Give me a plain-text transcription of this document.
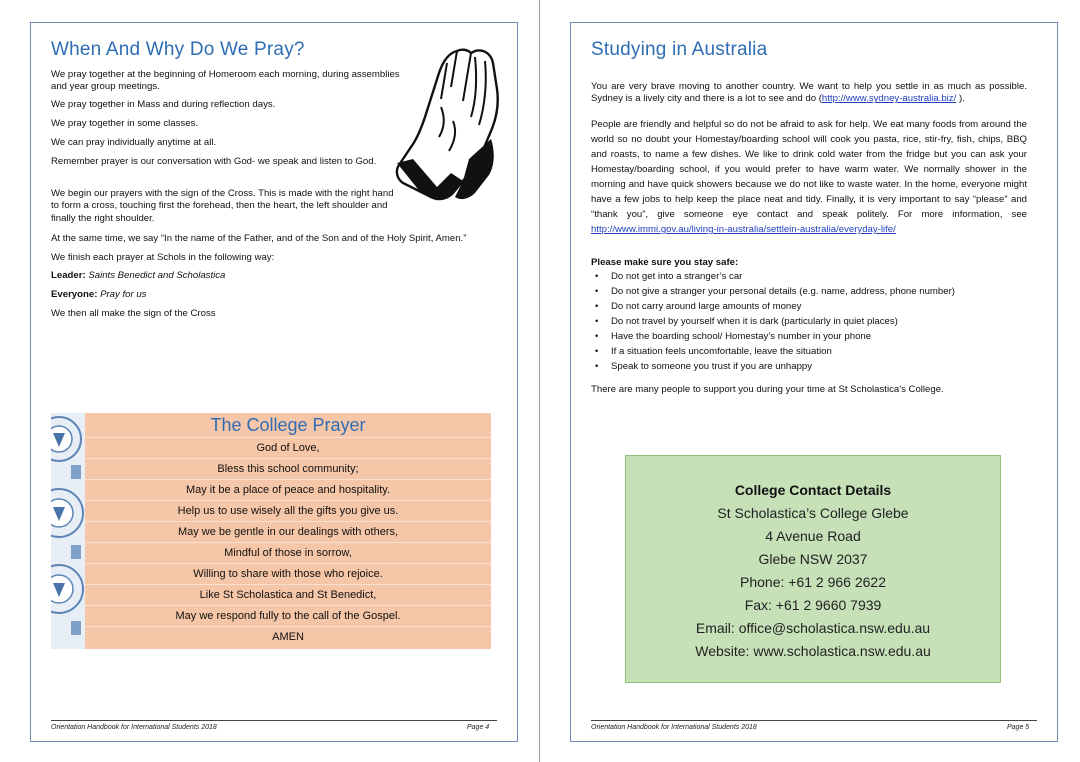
When And Why Do We Pray?

We pray together at the beginning of Homeroom each morning, during assemblies and year group meetings.

We pray together in Mass and during reflection days.

We pray together in some classes.

We can pray individually anytime at all.

Remember prayer is our conversation with God- we speak and listen to God.

We begin our prayers with the sign of the Cross. This is made with the right hand to form a cross, touching first the forehead, then the heart, the left shoulder and finally the right shoulder.

At the same time, we say “In the name of the Father, and of the Son and of the Holy Spirit, Amen.”

We finish each prayer at Schols in the following way:

Leader: Saints Benedict and Scholastica

Everyone: Pray for us

We then all make the sign of the Cross

The College Prayer
God of Love,
Bless this school community;
May it be a place of peace and hospitality.
Help us to use wisely all the gifts you give us.
May we be gentle in our dealings with others,
Mindful of those in sorrow,
Willing to share with those who rejoice.
Like St Scholastica and St Benedict,
May we respond fully to the call of the Gospel.
AMEN
Orientation Handbook for International Students 2018	Page 4
Studying in Australia

You are very brave moving to another country. We want to help you settle in as much as possible. Sydney is a lively city and there is a lot to see and do (http://www.sydney-australia.biz/ ).

People are friendly and helpful so do not be afraid to ask for help. We eat many foods from around the world so no doubt your Homestay/boarding school will cook you pasta, rice, stir-fry, fish, chips, BBQ and roasts, to name a few dishes. We like to drink cold water from the fridge but you can ask your Homestay/boarding school, if you would prefer to have warm water. We normally shower in the morning and have quick showers because we do not like to waste water. In the home, everyone might have a few jobs to help keep the place neat and tidy. Finally, it is very important to say “please” and “thank you”, give someone eye contact and speak politely. For more information, see http://www.immi.gov.au/living-in-australia/settlein-australia/everyday-life/

Please make sure you stay safe:

• Do not get into a stranger’s car
• Do not give a stranger your personal details (e.g. name, address, phone number)
• Do not carry around large amounts of money
• Do not travel by yourself when it is dark (particularly in quiet places)
• Have the boarding school/ Homestay’s number in your phone
• If a situation feels uncomfortable, leave the situation
• Speak to someone you trust if you are unhappy

There are many people to support you during your time at St Scholastica's College.

College Contact Details
St Scholastica’s College Glebe
4 Avenue Road
Glebe NSW 2037
Phone: +61 2 966 2622
Fax: +61 2 9660 7939
Email: office@scholastica.nsw.edu.au
Website: www.scholastica.nsw.edu.au
Orientation Handbook for International Students 2018	Page 5
